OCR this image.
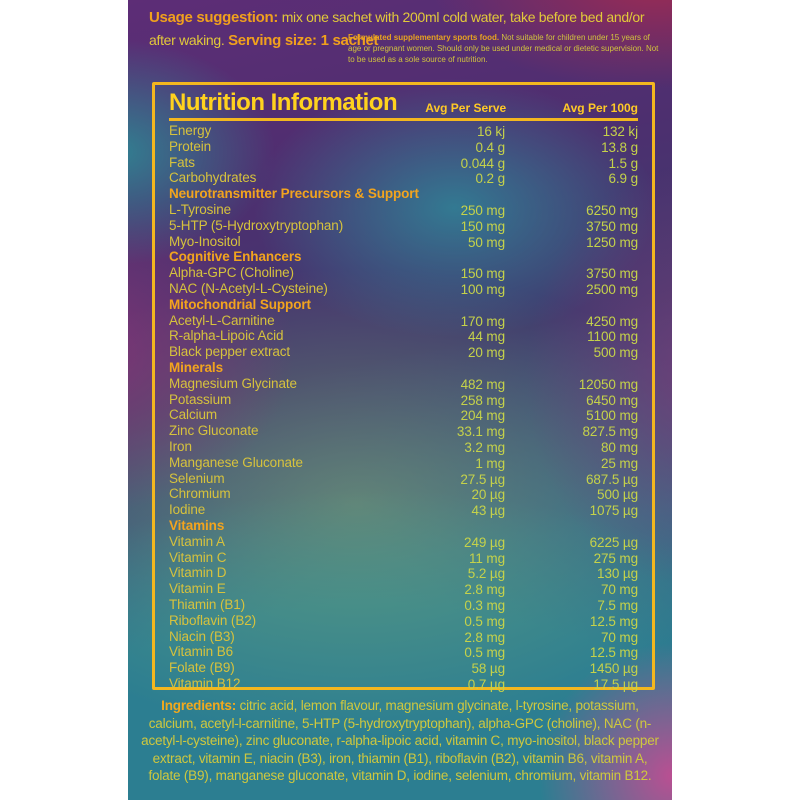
Usage suggestion: mix one sachet with 200ml cold water, take before bed and/or after waking. Serving size: 1 sachet

Formulated supplementary sports food. Not suitable for children under 15 years of age or pregnant women. Should only be used under medical or dietetic supervision. Not to be used as a sole source of nutrition.

Nutrition Information	Avg Per Serve	Avg Per 100g
Energy	16 kj	132 kj
Protein	0.4 g	13.8 g
Fats	0.044 g	1.5 g
Carbohydrates	0.2 g	6.9 g
Neurotransmitter Precursors & Support
L-Tyrosine	250 mg	6250 mg
5-HTP (5-Hydroxytryptophan)	150 mg	3750 mg
Myo-Inositol	50 mg	1250 mg
Cognitive Enhancers
Alpha-GPC (Choline)	150 mg	3750 mg
NAC (N-Acetyl-L-Cysteine)	100 mg	2500 mg
Mitochondrial Support
Acetyl-L-Carnitine	170 mg	4250 mg
R-alpha-Lipoic Acid	44 mg	1100 mg
Black pepper extract	20 mg	500 mg
Minerals
Magnesium Glycinate	482 mg	12050 mg
Potassium	258 mg	6450 mg
Calcium	204 mg	5100 mg
Zinc Gluconate	33.1 mg	827.5 mg
Iron	3.2 mg	80 mg
Manganese Gluconate	1 mg	25 mg
Selenium	27.5 µg	687.5 µg
Chromium	20 µg	500 µg
Iodine	43 µg	1075 µg
Vitamins
Vitamin A	249 µg	6225 µg
Vitamin C	11 mg	275 mg
Vitamin D	5.2 µg	130 µg
Vitamin E	2.8 mg	70 mg
Thiamin (B1)	0.3 mg	7.5 mg
Riboflavin (B2)	0.5 mg	12.5 mg
Niacin (B3)	2.8 mg	70 mg
Vitamin B6	0.5 mg	12.5 mg
Folate (B9)	58 µg	1450 µg
Vitamin B12	0.7 µg	17.5 µg

Ingredients: citric acid, lemon flavour, magnesium glycinate, l-tyrosine, potassium, calcium, acetyl-l-carnitine, 5-HTP (5-hydroxytryptophan), alpha-GPC (choline), NAC (n-acetyl-l-cysteine), zinc gluconate, r-alpha-lipoic acid, vitamin C, myo-inositol, black pepper extract, vitamin E, niacin (B3), iron, thiamin (B1), riboflavin (B2), vitamin B6, vitamin A, folate (B9), manganese gluconate, vitamin D, iodine, selenium, chromium, vitamin B12.
